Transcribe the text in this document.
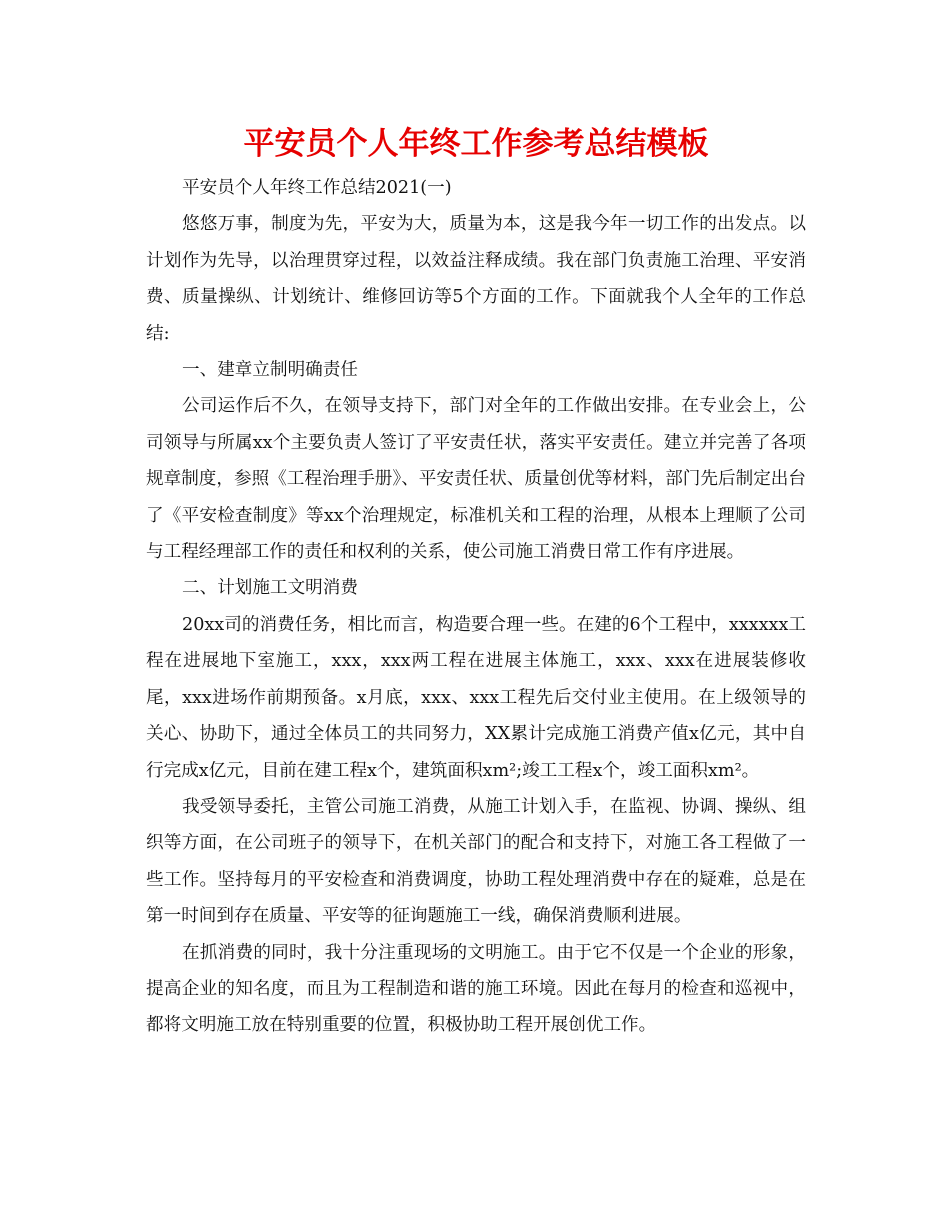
平安员个人年终工作参考总结模板

平安员个人年终工作总结2021(一)

悠悠万事，制度为先，平安为大，质量为本，这是我今年一切工作的出发点。以计划作为先导，以治理贯穿过程，以效益注释成绩。我在部门负责施工治理、平安消费、质量操纵、计划统计、维修回访等5个方面的工作。下面就我个人全年的工作总结:

一、建章立制明确责任

公司运作后不久，在领导支持下，部门对全年的工作做出安排。在专业会上，公司领导与所属xx个主要负责人签订了平安责任状，落实平安责任。建立并完善了各项规章制度，参照《工程治理手册》、平安责任状、质量创优等材料，部门先后制定出台了《平安检查制度》等xx个治理规定，标准机关和工程的治理，从根本上理顺了公司与工程经理部工作的责任和权利的关系，使公司施工消费日常工作有序进展。

二、计划施工文明消费

20xx司的消费任务，相比而言，构造要合理一些。在建的6个工程中，xxxxxx工程在进展地下室施工，xxx，xxx两工程在进展主体施工，xxx、xxx在进展装修收尾，xxx进场作前期预备。x月底，xxx、xxx工程先后交付业主使用。在上级领导的关心、协助下，通过全体员工的共同努力，XX累计完成施工消费产值x亿元，其中自行完成x亿元，目前在建工程x个，建筑面积xm²;竣工工程x个，竣工面积xm²。

我受领导委托，主管公司施工消费，从施工计划入手，在监视、协调、操纵、组织等方面，在公司班子的领导下，在机关部门的配合和支持下，对施工各工程做了一些工作。坚持每月的平安检查和消费调度，协助工程处理消费中存在的疑难，总是在第一时间到存在质量、平安等的征询题施工一线，确保消费顺利进展。

在抓消费的同时，我十分注重现场的文明施工。由于它不仅是一个企业的形象，提高企业的知名度，而且为工程制造和谐的施工环境。因此在每月的检查和巡视中，都将文明施工放在特别重要的位置，积极协助工程开展创优工作。
